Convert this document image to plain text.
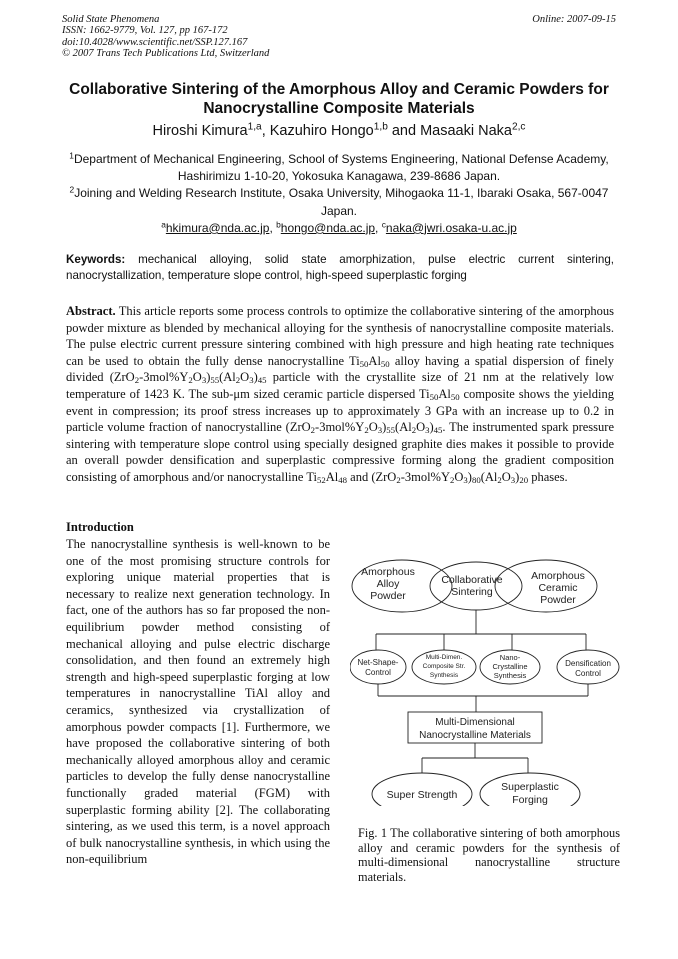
Solid State Phenomena
ISSN: 1662-9779, Vol. 127, pp 167-172
doi:10.4028/www.scientific.net/SSP.127.167
© 2007 Trans Tech Publications Ltd, Switzerland
Online: 2007-09-15
Collaborative Sintering of the Amorphous Alloy and Ceramic Powders for Nanocrystalline Composite Materials
Hiroshi Kimura$^{1,a}$, Kazuhiro Hongo$^{1,b}$ and Masaaki Naka$^{2,c}$
$^1$Department of Mechanical Engineering, School of Systems Engineering, National Defense Academy, Hashirimizu 1-10-20, Yokosuka Kanagawa, 239-8686 Japan.
$^2$Joining and Welding Research Institute, Osaka University, Mihogaoka 11-1, Ibaraki Osaka, 567-0047 Japan.
$^a$hkimura@nda.ac.jp, $^b$hongo@nda.ac.jp, $^c$naka@jwri.osaka-u.ac.jp
Keywords: mechanical alloying, solid state amorphization, pulse electric current sintering, nanocrystallization, temperature slope control, high-speed superplastic forging
Abstract. This article reports some process controls to optimize the collaborative sintering of the amorphous powder mixture as blended by mechanical alloying for the synthesis of nanocrystalline composite materials. The pulse electric current pressure sintering combined with high pressure and high heating rate techniques can be used to obtain the fully dense nanocrystalline $Ti_{50}Al_{50}$ alloy having a spatial dispersion of finely divided $(ZrO_2-3mol\%Y_2O_3)_{55}(Al_2O_3)_{45}$ particle with the crystallite size of 21 nm at the relatively low temperature of 1423 K. The sub-μm sized ceramic particle dispersed $Ti_{50}Al_{50}$ composite shows the yielding event in compression; its proof stress increases up to approximately 3 GPa with an increase up to 0.2 in particle volume fraction of nanocrystalline $(ZrO_2-3mol\%Y_2O_3)_{55}(Al_2O_3)_{45}$. The instrumented spark pressure sintering with temperature slope control using specially designed graphite dies makes it possible to provide an overall powder densification and superplastic compressive forming along the gradient composition consisting of amorphous and/or nanocrystalline $Ti_{52}Al_{48}$ and $(ZrO_2-3mol\%Y_2O_3)_{80}(Al_2O_3)_{20}$ phases.
Introduction
The nanocrystalline synthesis is well-known to be one of the most promising structure controls for exploring unique material properties that is necessary to realize next generation technology. In fact, one of the authors has so far proposed the non-equilibrium powder method consisting of mechanical alloying and pulse electric discharge consolidation, and then found an extremely high strength and high-speed superplastic forging at low temperatures in nanocrystalline TiAl alloy and ceramics, synthesized via crystallization of amorphous powder compacts [1]. Furthermore, we have proposed the collaborative sintering of both mechanically alloyed amorphous alloy and ceramic particles to develop the fully dense nanocrystalline functionally graded material (FGM) with superplastic forming ability [2]. The collaborating sintering, as we used this term, is a novel approach of bulk nanocrystalline synthesis, in which using the non-equilibrium
Amorphous
Alloy
Powder
Collaborative
Sintering
Amorphous
Ceramic
Powder
Net-Shape-
Control
Multi-Dimen.
Composite Str.
Synthesis
Nano-
Crystalline
Synthesis
Densification
Control
Multi-Dimensional
Nanocrystalline Materials
Super Strength
Superplastic
Forging
Fig. 1 The collaborative sintering of both amorphous alloy and ceramic powders for the synthesis of multi-dimensional nanocrystalline structure materials.
